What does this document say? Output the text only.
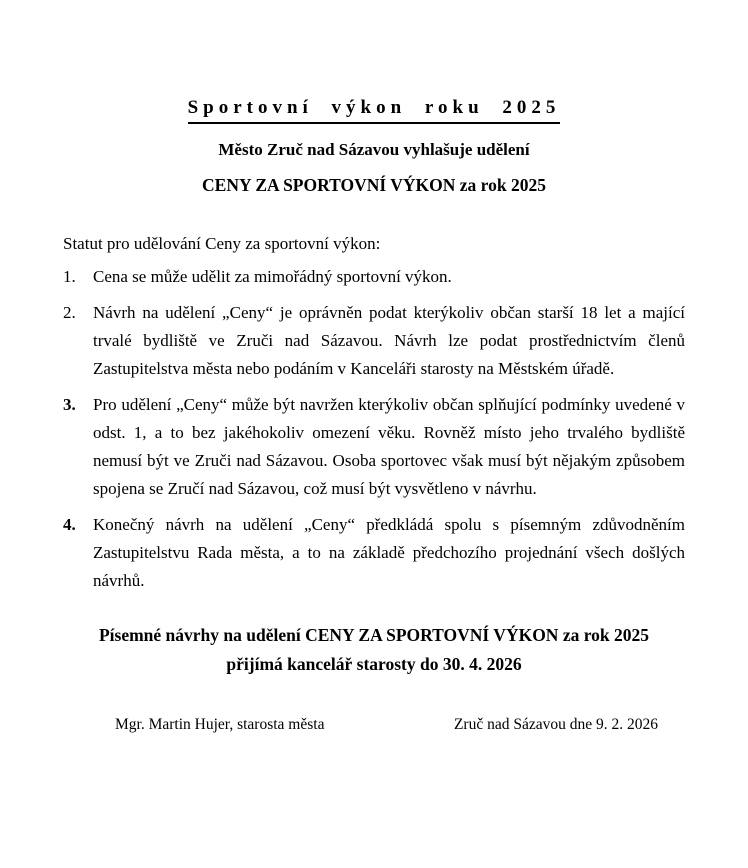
Sportovní výkon roku 2025
Město Zruč nad Sázavou vyhlašuje udělení
CENY ZA SPORTOVNÍ VÝKON za rok 2025
Statut pro udělování Ceny za sportovní výkon:
1.	Cena se může udělit za mimořádný sportovní výkon.

2.	Návrh na udělení „Ceny“ je oprávněn podat kterýkoliv občan starší 18 let a mající trvalé bydliště ve Zruči nad Sázavou. Návrh lze podat prostřednictvím členů Zastupitelstva města nebo podáním v Kanceláři starosty na Městském úřadě.

3.	Pro udělení „Ceny“ může být navržen kterýkoliv občan splňující podmínky uvedené v odst. 1, a to bez jakéhokoliv omezení věku. Rovněž místo jeho trvalého bydliště nemusí být ve Zruči nad Sázavou. Osoba sportovec však musí být nějakým způsobem spojena se Zručí nad Sázavou, což musí být vysvětleno v návrhu.

4.	Konečný návrh na udělení „Ceny“ předkládá spolu s písemným zdůvodněním Zastupitelstvu Rada města, a to na základě předchozího projednání všech došlých návrhů.

Písemné návrhy na udělení CENY ZA SPORTOVNÍ VÝKON za rok 2025
přijímá kancelář starosty do 30. 4. 2026
Mgr. Martin Hujer, starosta města	Zruč nad Sázavou dne 9. 2. 2026
